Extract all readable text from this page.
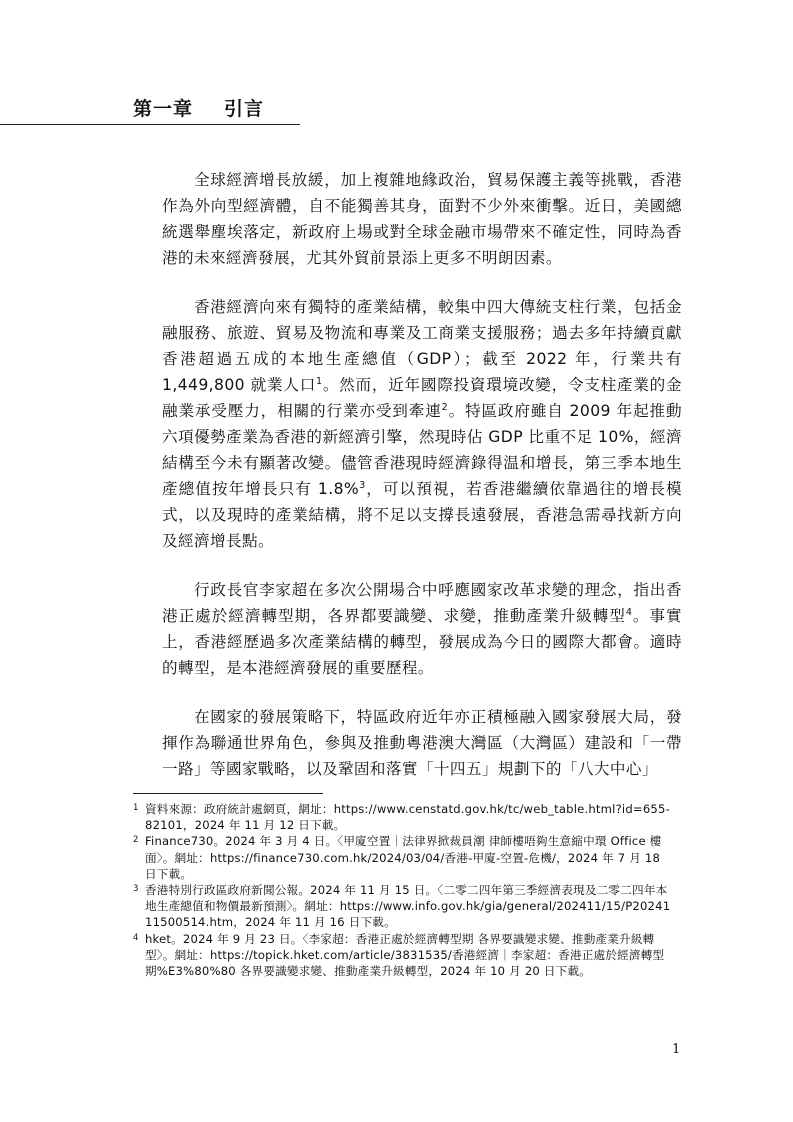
第一章 引言

全球經濟增長放緩，加上複雜地緣政治，貿易保護主義等挑戰，香港作為外向型經濟體，自不能獨善其身，面對不少外來衝擊。近日，美國總統選舉塵埃落定，新政府上場或對全球金融市場帶來不確定性，同時為香港的未來經濟發展，尤其外貿前景添上更多不明朗因素。

香港經濟向來有獨特的產業結構，較集中四大傳統支柱行業，包括金融服務、旅遊、貿易及物流和專業及工商業支援服務；過去多年持續貢獻香港超過五成的本地生產總值（GDP）；截至 2022 年，行業共有 1,449,800 就業人口$^1$。然而，近年國際投資環境改變，令支柱產業的金融業承受壓力，相關的行業亦受到牽連$^2$。特區政府雖自 2009 年起推動六項優勢產業為香港的新經濟引擎，然現時佔 GDP 比重不足 10%，經濟結構至今未有顯著改變。儘管香港現時經濟錄得温和增長，第三季本地生產總值按年增長只有 1.8%$^3$，可以預視，若香港繼續依靠過往的增長模式，以及現時的產業結構，將不足以支撐長遠發展，香港急需尋找新方向及經濟增長點。

行政長官李家超在多次公開場合中呼應國家改革求變的理念，指出香港正處於經濟轉型期，各界都要識變、求變，推動產業升級轉型$^4$。事實上，香港經歷過多次產業結構的轉型，發展成為今日的國際大都會。適時的轉型，是本港經濟發展的重要歷程。

在國家的發展策略下，特區政府近年亦正積極融入國家發展大局，發揮作為聯通世界角色，參與及推動粵港澳大灣區（大灣區）建設和「一帶一路」等國家戰略，以及鞏固和落實「十四五」規劃下的「八大中心」

1 資料來源：政府統計處網頁，網址：https://www.censtatd.gov.hk/tc/web_table.html?id=655-82101，2024 年 11 月 12 日下載。
2 Finance730。2024 年 3 月 4 日。〈甲廈空置｜法律界掀裁員潮 律師樓唔夠生意縮中環 Office 樓面〉。網址：https://finance730.com.hk/2024/03/04/香港-甲廈-空置-危機/，2024 年 7 月 18 日下載。
3 香港特別行政區政府新聞公報。2024 年 11 月 15 日。〈二零二四年第三季經濟表現及二零二四年本地生產總值和物價最新預測〉。網址：https://www.info.gov.hk/gia/general/202411/15/P2024111500514.htm，2024 年 11 月 16 日下載。
4 hket。2024 年 9 月 23 日。〈李家超：香港正處於經濟轉型期 各界要識變求變、推動產業升級轉型〉。網址：https://topick.hket.com/article/3831535/香港經濟｜李家超：香港正處於經濟轉型期%E3%80%80 各界要識變求變、推動產業升級轉型，2024 年 10 月 20 日下載。
1
